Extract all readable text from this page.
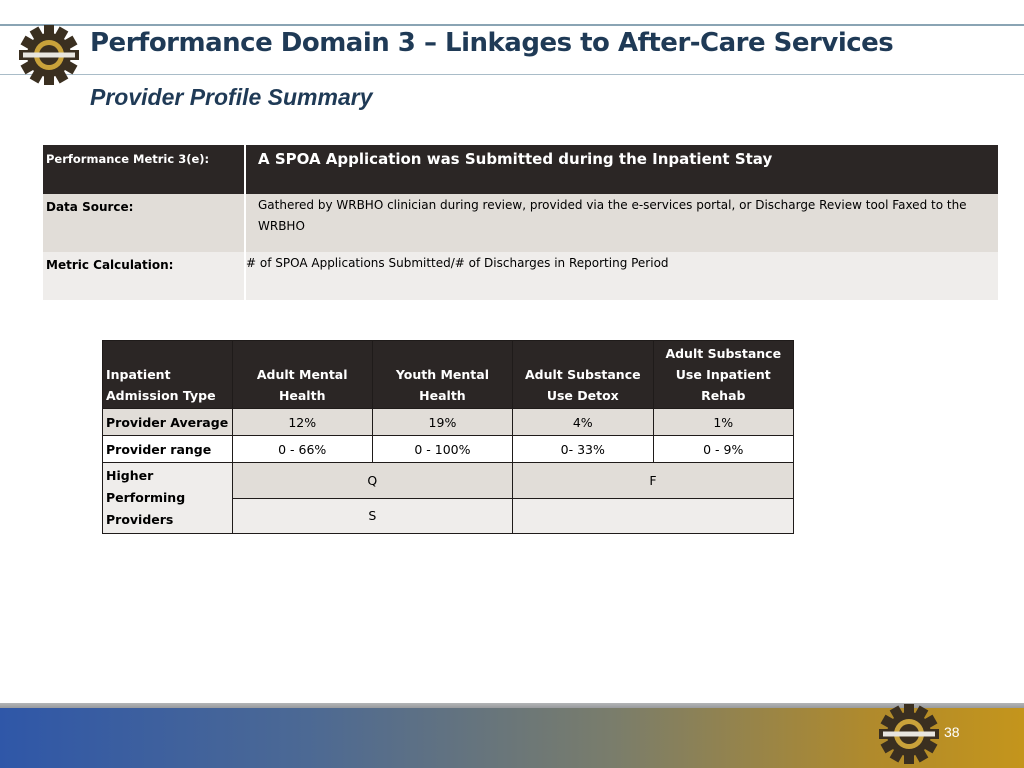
Performance Domain 3 – Linkages to After-Care Services
Provider Profile Summary
Performance Metric 3(e):		A SPOA Application was Submitted during the Inpatient Stay
Data Source:		Gathered by WRBHO clinician during review, provided via the e-services portal, or Discharge Review tool Faxed to the WRBHO
Metric Calculation:		# of SPOA Applications Submitted/# of Discharges in Reporting Period
Inpatient Admission Type	Adult Mental Health	Youth Mental Health	Adult Substance Use Detox	Adult Substance Use Inpatient Rehab
Provider Average	12%	19%	4%	1%
Provider range	0 - 66%	0 - 100%	0- 33%	0 - 9%
Higher Performing Providers	Q		F	
	S			
38
